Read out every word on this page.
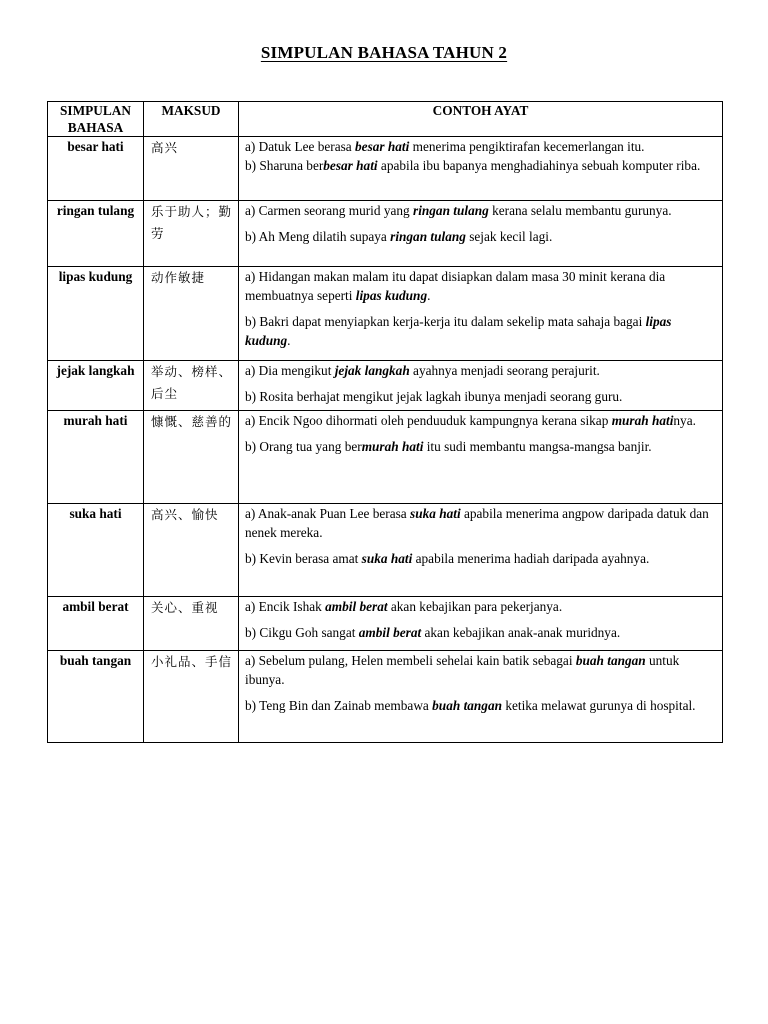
SIMPULAN BAHASA TAHUN 2
SIMPULAN BAHASA	MAKSUD	CONTOH AYAT
besar hati	高兴	a) Datuk Lee berasa besar hati menerima pengiktirafan kecemerlangan itu.
b) Sharuna berbesar hati apabila ibu bapanya menghadiahinya sebuah komputer riba.

ringan tulang	乐于助人；勤劳	a) Carmen seorang murid yang ringan tulang kerana selalu membantu gurunya.
b) Ah Meng dilatih supaya ringan tulang sejak kecil lagi.

lipas kudung	动作敏捷	a) Hidangan makan malam itu dapat disiapkan dalam masa 30 minit kerana dia membuatnya seperti lipas kudung.
b) Bakri dapat menyiapkan kerja-kerja itu dalam sekelip mata sahaja bagai lipas kudung.

jejak langkah	举动、榜样、后尘	a) Dia mengikut jejak langkah ayahnya menjadi seorang perajurit.
b) Rosita berhajat mengikut jejak lagkah ibunya menjadi seorang guru.

murah hati	慷慨、慈善的	a) Encik Ngoo dihormati oleh penduuduk kampungnya kerana sikap murah hatinya.
b) Orang tua yang bermurah hati itu sudi membantu mangsa-mangsa banjir.

suka hati	高兴、愉快	a) Anak-anak Puan Lee berasa suka hati apabila menerima angpow daripada datuk dan nenek mereka.
b) Kevin berasa amat suka hati apabila menerima hadiah daripada ayahnya.

ambil berat	关心、重视	a) Encik Ishak ambil berat akan kebajikan para pekerjanya.
b) Cikgu Goh sangat ambil berat akan kebajikan anak-anak muridnya.

buah tangan	小礼品、手信	a) Sebelum pulang, Helen membeli sehelai kain batik sebagai buah tangan untuk ibunya.
b) Teng Bin dan Zainab membawa buah tangan ketika melawat gurunya di hospital.
